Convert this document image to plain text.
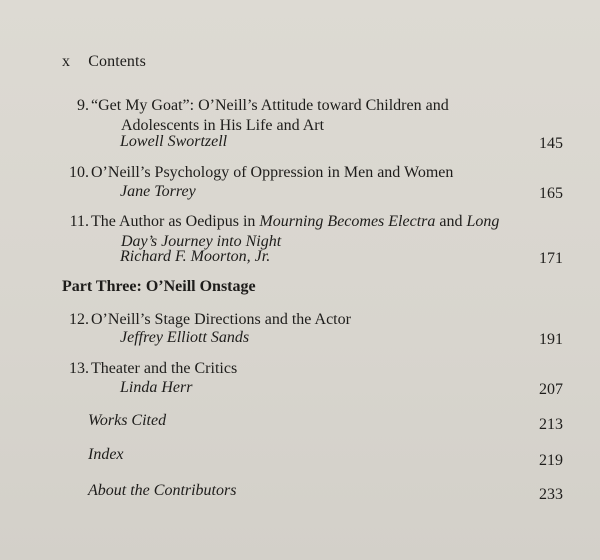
x Contents
9. “Get My Goat”: O’Neill’s Attitude toward Children and
Adolescents in His Life and Art
Lowell Swortzell	145
10. O’Neill’s Psychology of Oppression in Men and Women
Jane Torrey	165
11. The Author as Oedipus in Mourning Becomes Electra and Long
Day’s Journey into Night
Richard F. Moorton, Jr.	171
Part Three: O’Neill Onstage
12. O’Neill’s Stage Directions and the Actor
Jeffrey Elliott Sands	191
13. Theater and the Critics
Linda Herr	207
Works Cited	213
Index	219
About the Contributors	233
